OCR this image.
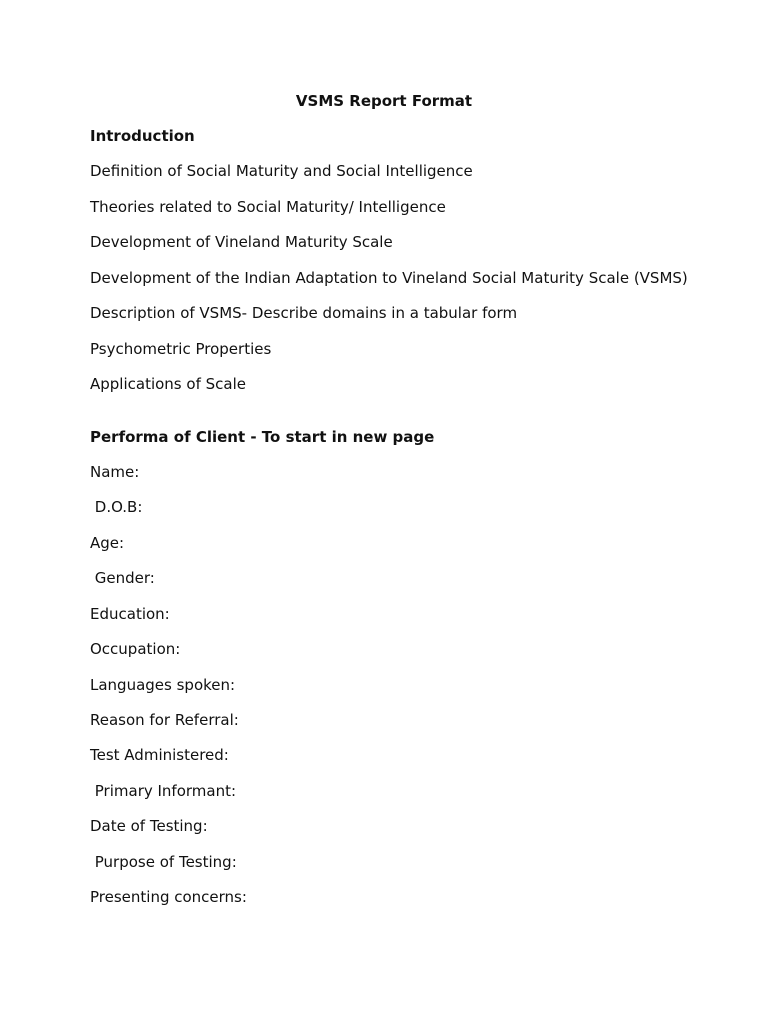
VSMS Report Format
Introduction
Definition of Social Maturity and Social Intelligence
Theories related to Social Maturity/ Intelligence
Development of Vineland Maturity Scale
Development of the Indian Adaptation to Vineland Social Maturity Scale (VSMS)
Description of VSMS- Describe domains in a tabular form
Psychometric Properties
Applications of Scale
Performa of Client - To start in new page
Name:
D.O.B:
Age:
Gender:
Education:
Occupation:
Languages spoken:
Reason for Referral:
Test Administered:
Primary Informant:
Date of Testing:
Purpose of Testing:
Presenting concerns:
